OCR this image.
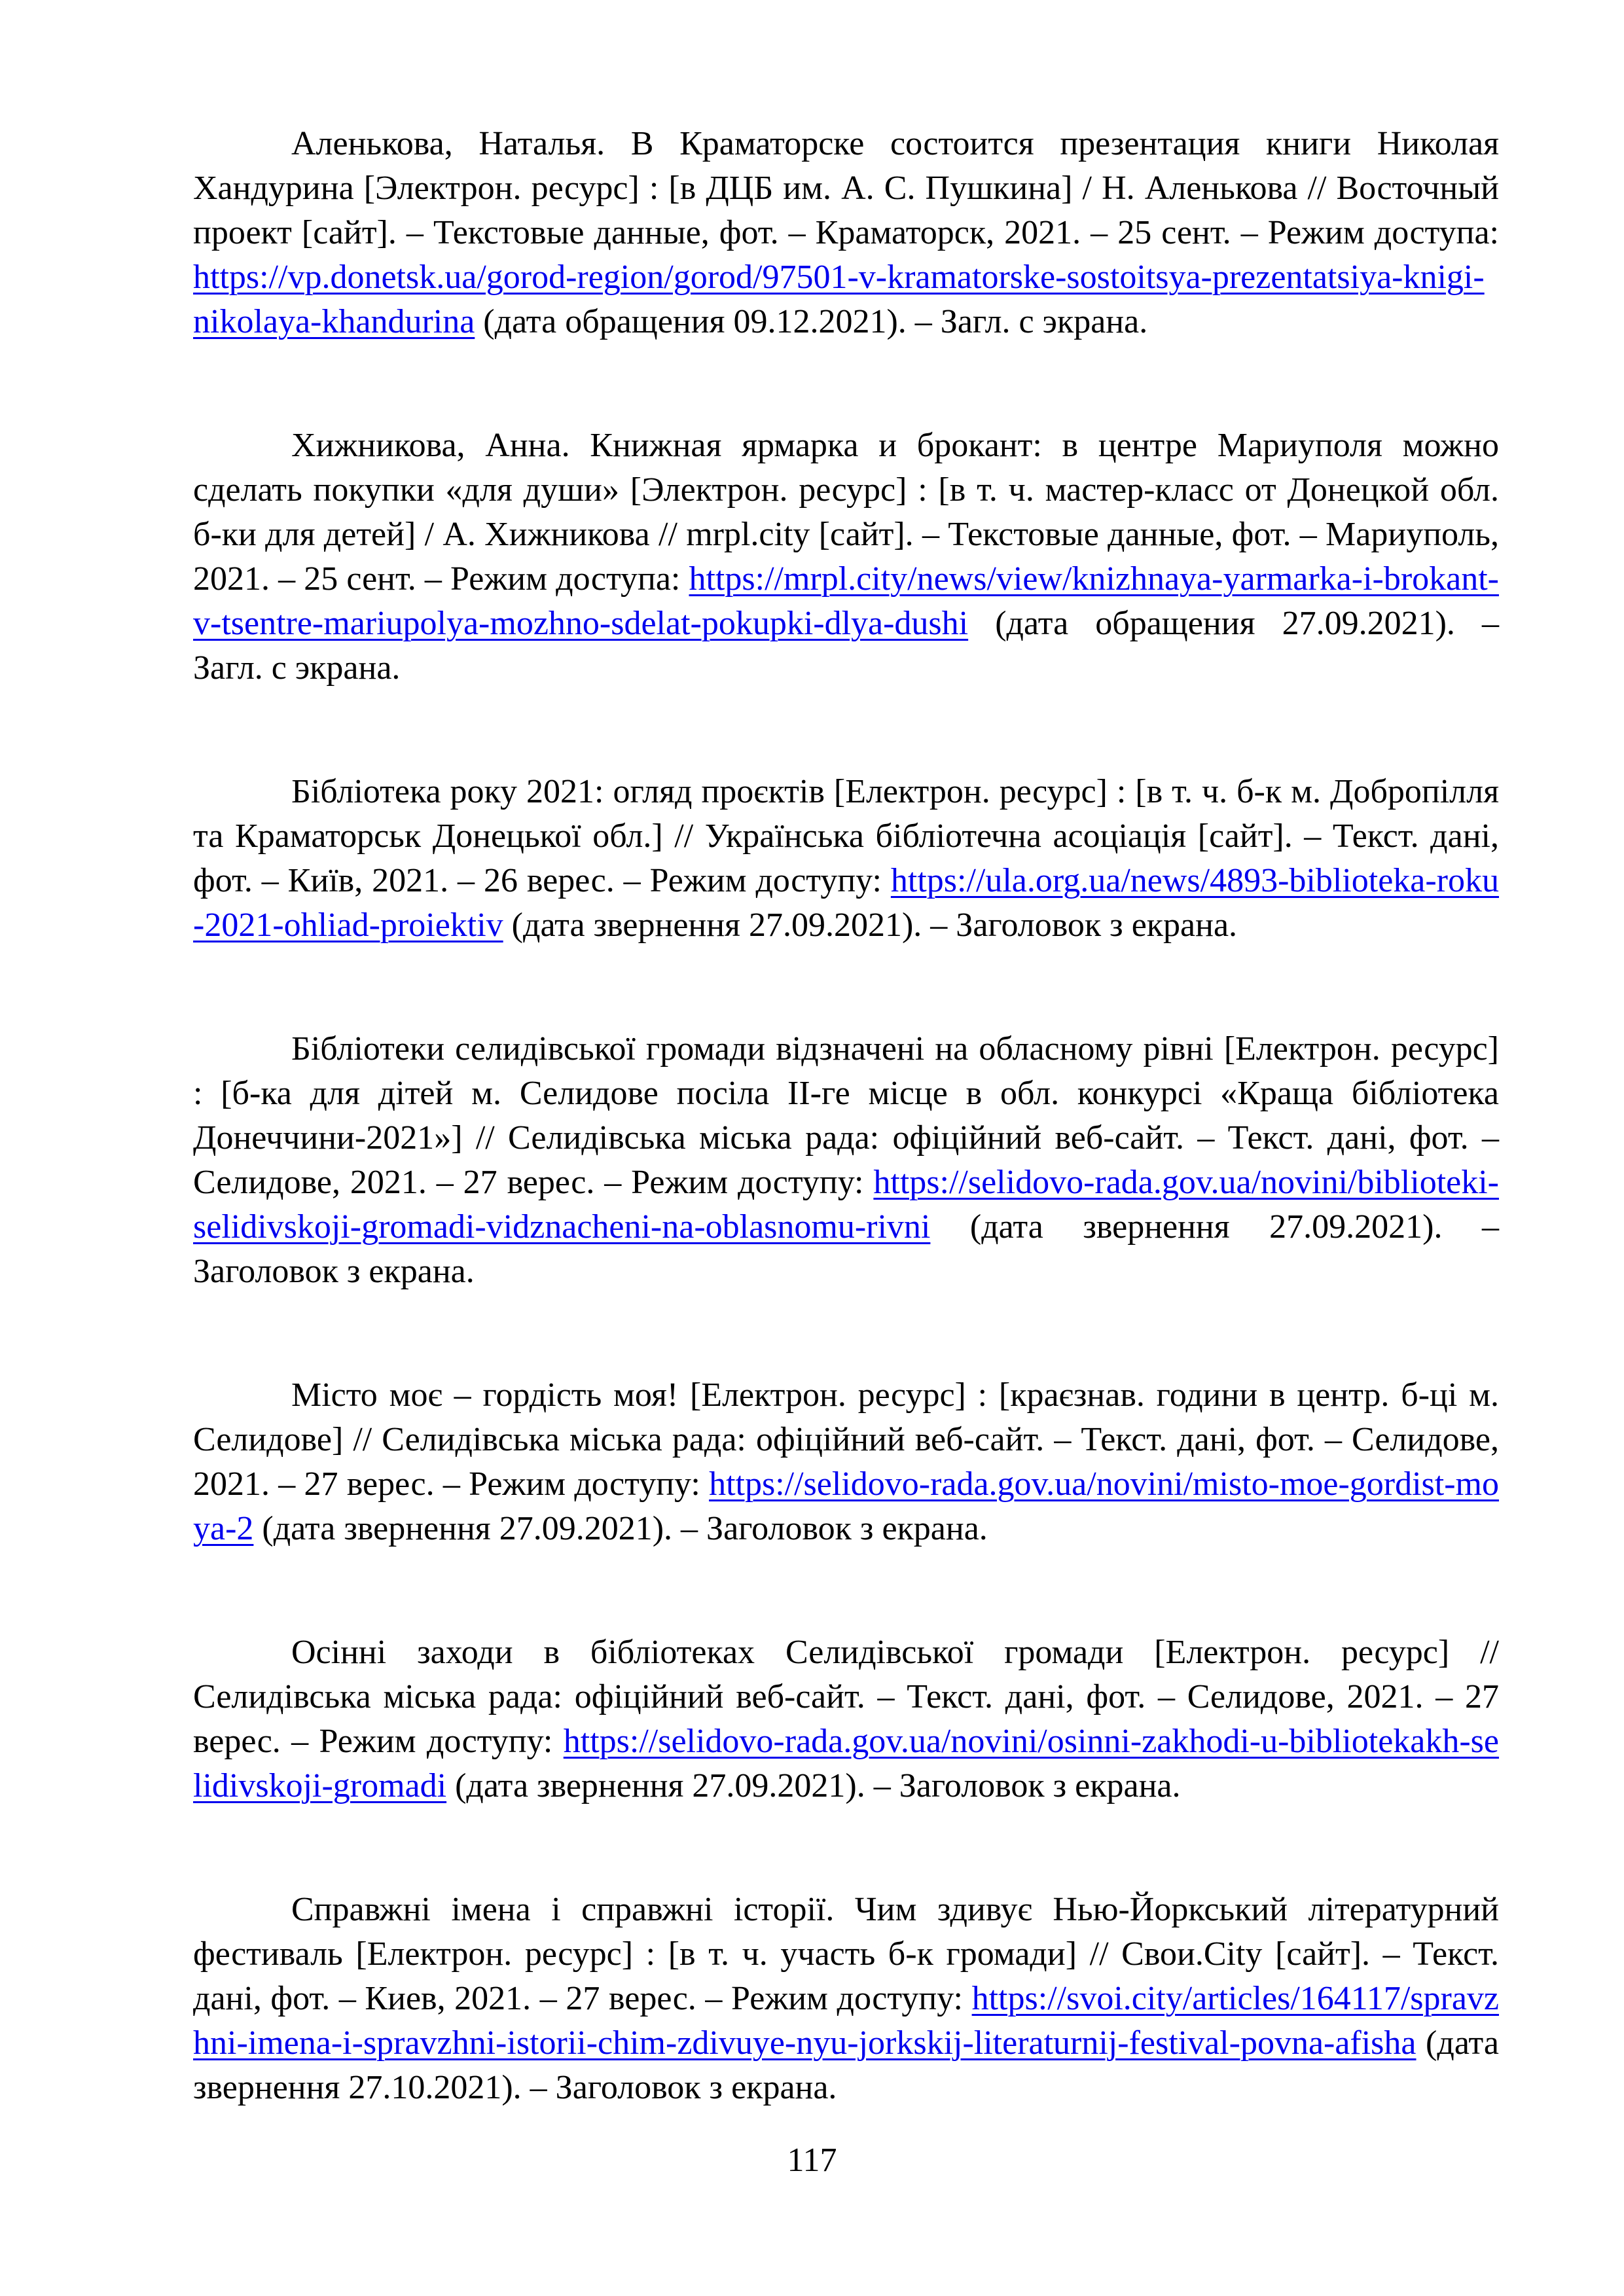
Аленькова, Наталья. В Краматорске состоится презентация книги Николая Хандурина [Электрон. ресурс] : [в ДЦБ им. А. С. Пушкина] / Н. Аленькова // Восточный проект [сайт]. – Текстовые данные, фот. – Краматорск, 2021. – 25 сент. – Режим доступа: https://vp.donetsk.ua/gorod-region/gorod/97501-v-kramatorske-sostoitsya-prezentatsiya-knigi-nikolaya-khandurina (дата обращения 09.12.2021). – Загл. с экрана.

Хижникова, Анна. Книжная ярмарка и брокант: в центре Мариуполя можно сделать покупки «для души» [Электрон. ресурс] : [в т. ч. мастер-класс от Донецкой обл. б-ки для детей] / А. Хижникова // mrpl.city [сайт]. – Текстовые данные, фот. – Мариуполь, 2021. – 25 сент. – Режим доступа: https://mrpl.city/news/view/knizhnaya-yarmarka-i-brokant-v-tsentre-mariupolya-mozhno-sdelat-pokupki-dlya-dushi (дата обращения 27.09.2021). – Загл. с экрана.

Бібліотека року 2021: огляд проєктів [Електрон. ресурс] : [в т. ч. б-к м. Добропілля та Краматорськ Донецької обл.] // Українська бібліотечна асоціація [сайт]. – Текст. дані, фот. – Київ, 2021. – 26 верес. – Режим доступу: https://ula.org.ua/news/4893-biblioteka-roku-2021-ohliad-proiektiv (дата звернення 27.09.2021). – Заголовок з екрана.

Бібліотеки селидівської громади відзначені на обласному рівні [Електрон. ресурс] : [б-ка для дітей м. Селидове посіла ІІ-ге місце в обл. конкурсі «Краща бібліотека Донеччини-2021»] // Селидівська міська рада: офіційний веб-сайт. – Текст. дані, фот. – Селидове, 2021. – 27 верес. – Режим доступу: https://selidovo-rada.gov.ua/novini/biblioteki-selidivskoji-gromadi-vidznacheni-na-oblasnomu-rivni (дата звернення 27.09.2021). – Заголовок з екрана.

Місто моє – гордість моя! [Електрон. ресурс] : [краєзнав. години в центр. б-ці м. Селидове] // Селидівська міська рада: офіційний веб-сайт. – Текст. дані, фот. – Селидове, 2021. – 27 верес. – Режим доступу: https://selidovo-rada.gov.ua/novini/misto-moe-gordist-moya-2 (дата звернення 27.09.2021). – Заголовок з екрана.

Осінні заходи в бібліотеках Селидівської громади [Електрон. ресурс] // Селидівська міська рада: офіційний веб-сайт. – Текст. дані, фот. – Селидове, 2021. – 27 верес. – Режим доступу: https://selidovo-rada.gov.ua/novini/osinni-zakhodi-u-bibliotekakh-selidivskoji-gromadi (дата звернення 27.09.2021). – Заголовок з екрана.

Справжні імена і справжні історії. Чим здивує Нью-Йоркський літературний фестиваль [Електрон. ресурс] : [в т. ч. участь б-к громади] // Свои.City [сайт]. – Текст. дані, фот. – Киев, 2021. – 27 верес. – Режим доступу: https://svoi.city/articles/164117/spravzhni-imena-i-spravzhni-istorii-chim-zdivuye-nyu-jorkskij-literaturnij-festival-povna-afisha (дата звернення 27.10.2021). – Заголовок з екрана.

117
